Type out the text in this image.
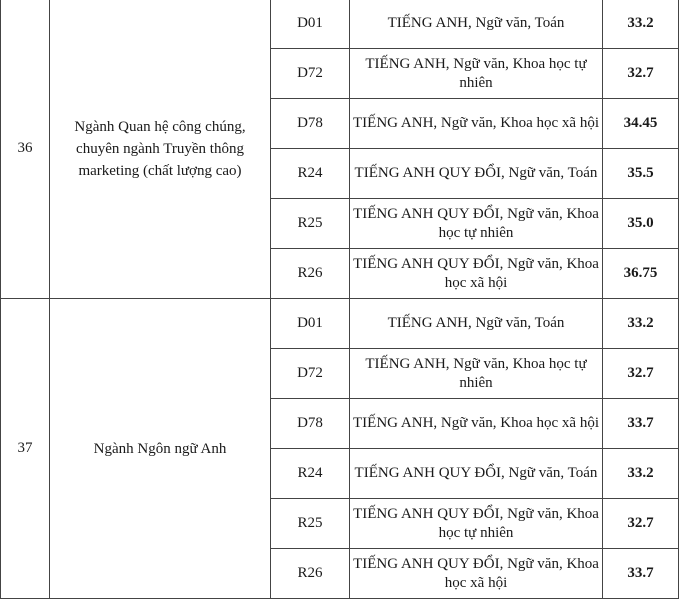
36	Ngành Quan hệ công chúng, chuyên ngành Truyền thông marketing (chất lượng cao)	D01	TIẾNG ANH, Ngữ văn, Toán	33.2
		D72	TIẾNG ANH, Ngữ văn, Khoa học tự nhiên	32.7
		D78	TIẾNG ANH, Ngữ văn, Khoa học xã hội	34.45
		R24	TIẾNG ANH QUY ĐỔI, Ngữ văn, Toán	35.5
		R25	TIẾNG ANH QUY ĐỔI, Ngữ văn, Khoa học tự nhiên	35.0
		R26	TIẾNG ANH QUY ĐỔI, Ngữ văn, Khoa học xã hội	36.75
37	Ngành Ngôn ngữ Anh	D01	TIẾNG ANH, Ngữ văn, Toán	33.2
		D72	TIẾNG ANH, Ngữ văn, Khoa học tự nhiên	32.7
		D78	TIẾNG ANH, Ngữ văn, Khoa học xã hội	33.7
		R24	TIẾNG ANH QUY ĐỔI, Ngữ văn, Toán	33.2
		R25	TIẾNG ANH QUY ĐỔI, Ngữ văn, Khoa học tự nhiên	32.7
		R26	TIẾNG ANH QUY ĐỔI, Ngữ văn, Khoa học xã hội	33.7
